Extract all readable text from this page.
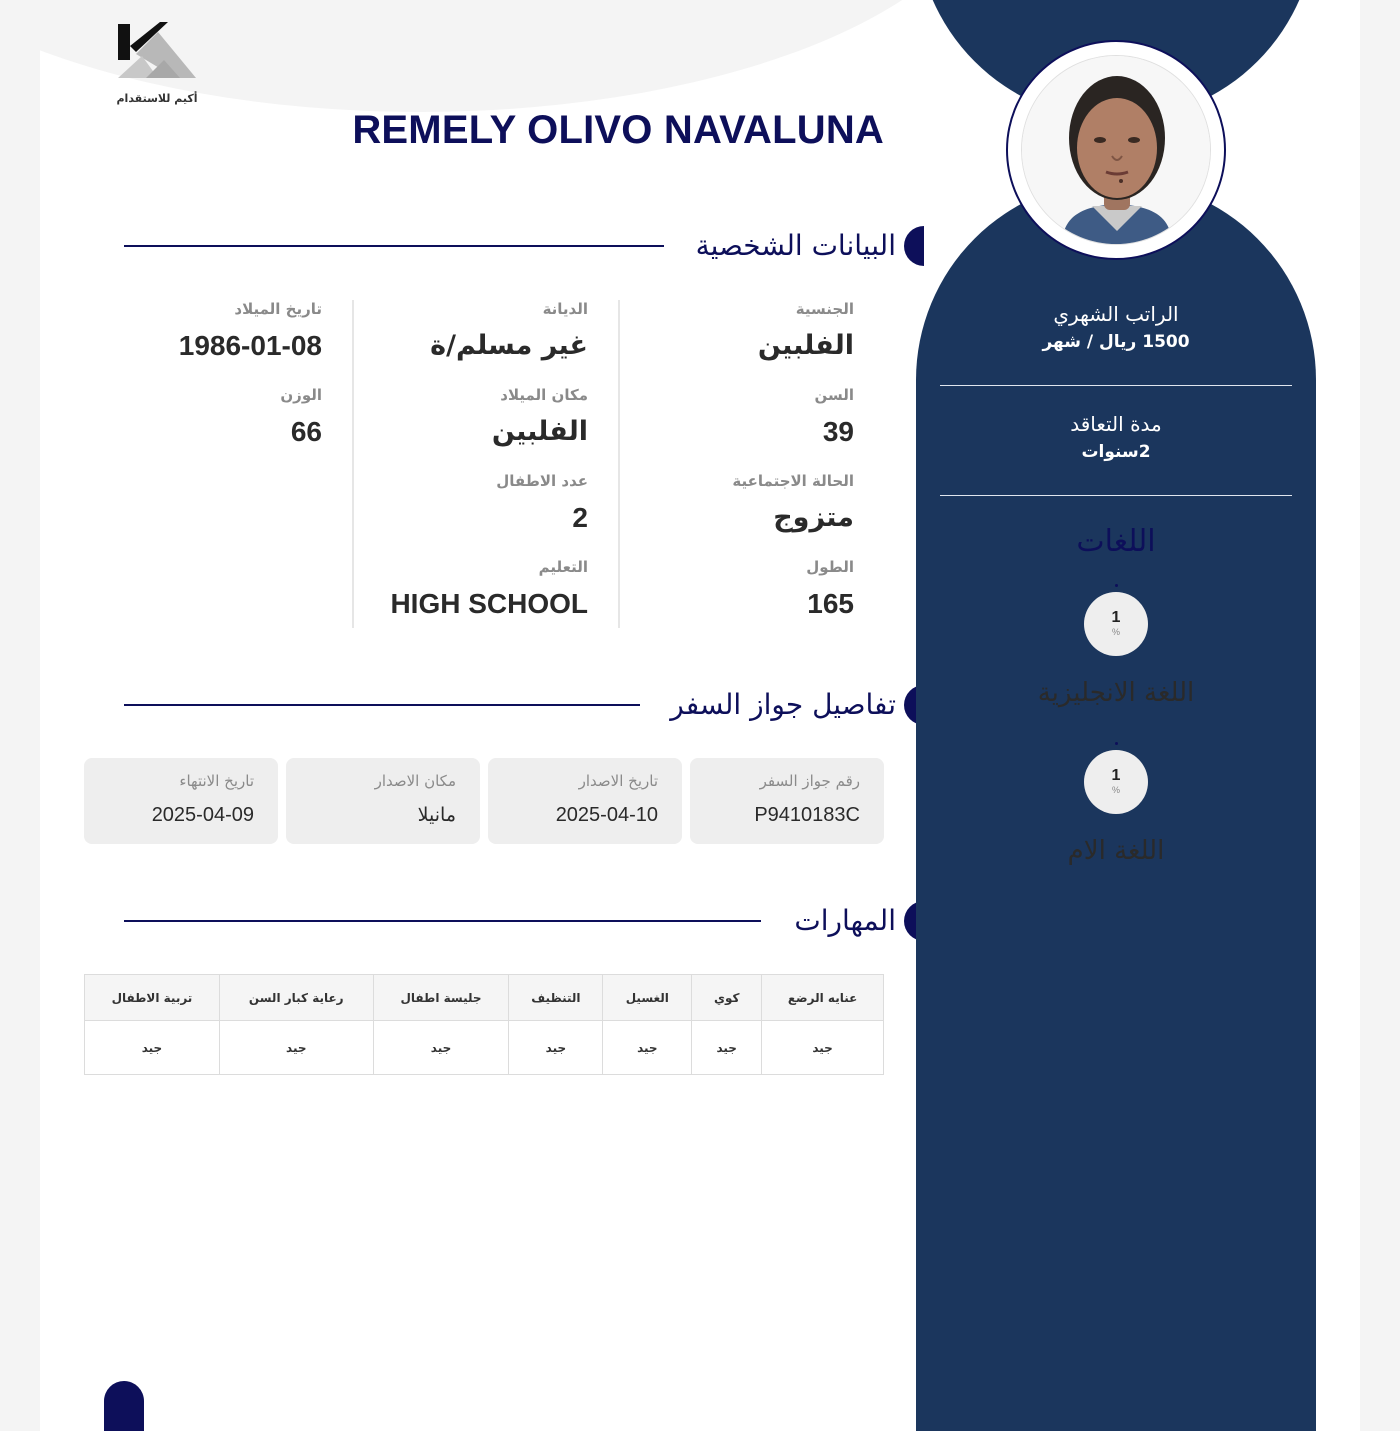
أكيم للاستقدام
REMELY OLIVO NAVALUNA
البيانات الشخصية
الجنسية
الفلبين
السن
39
الحالة الاجتماعية
متزوج
الطول
165
الديانة
غير مسلم/ة
مكان الميلاد
الفلبين
عدد الاطفال
2
التعليم
HIGH SCHOOL
تاريخ الميلاد
1986-01-08
الوزن
66
تفاصيل جواز السفر
رقم جواز السفر
P9410183C
تاريخ الاصدار
2025-04-10
مكان الاصدار
مانيلا
تاريخ الانتهاء
2025-04-09
المهارات
عنايه الرضع	كوي	الغسيل	التنظيف	جليسة اطفال	رعاية كبار السن	تربية الاطفال
جيد	جيد	جيد	جيد	جيد	جيد	جيد
الراتب الشهري
1500 ريال / شهر
مدة التعاقد
2سنوات
اللغات
1
%
اللغة الانجليزية
1
%
اللغة الام
